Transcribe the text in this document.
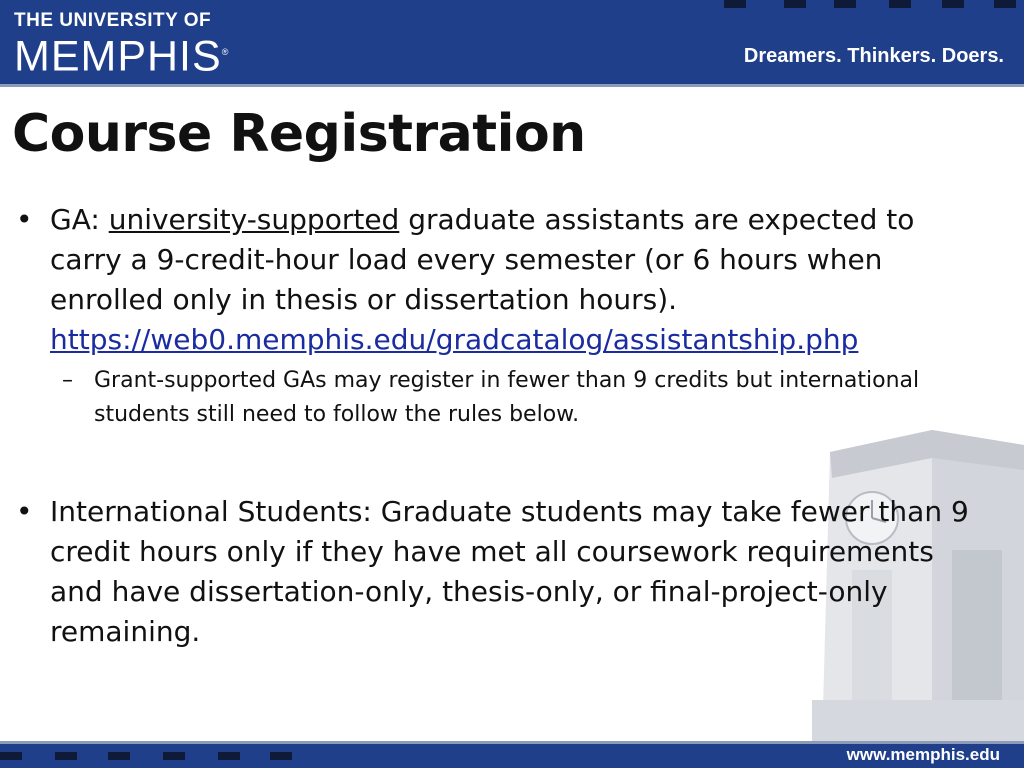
THE UNIVERSITY OF
MEMPHIS®	Dreamers. Thinkers. Doers.
Course Registration
• GA: university-supported graduate assistants are expected to carry a 9-credit-hour load every semester (or 6 hours when enrolled only in thesis or dissertation hours).
https://web0.memphis.edu/gradcatalog/assistantship.php
– Grant-supported GAs may register in fewer than 9 credits but international students still need to follow the rules below.
• International Students: Graduate students may take fewer than 9 credit hours only if they have met all coursework requirements and have dissertation-only, thesis-only, or final-project-only remaining.
www.memphis.edu
